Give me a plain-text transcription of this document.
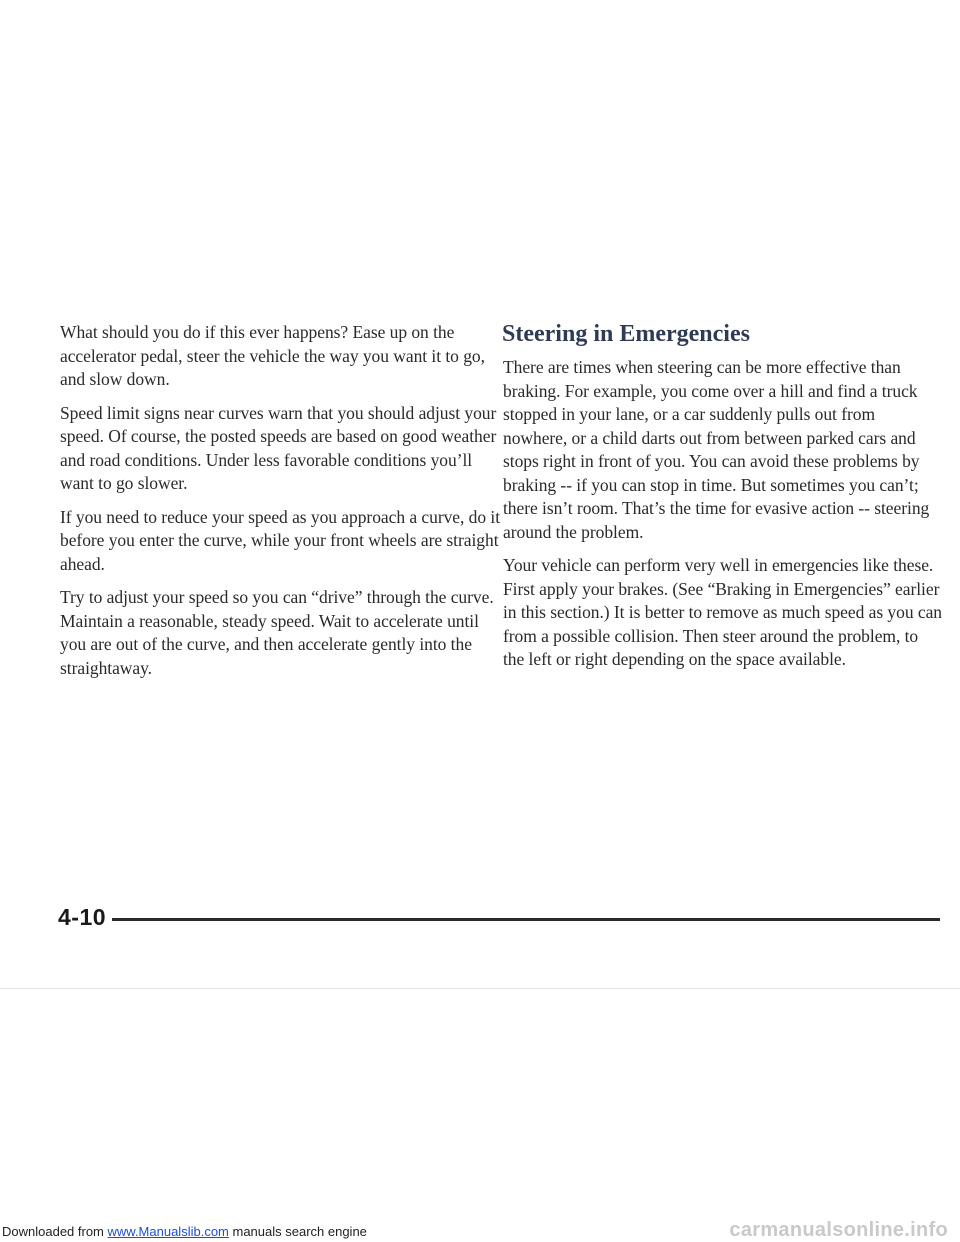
What should you do if this ever happens? Ease up on the accelerator pedal, steer the vehicle the way you want it to go, and slow down.

Speed limit signs near curves warn that you should adjust your speed. Of course, the posted speeds are based on good weather and road conditions. Under less favorable conditions you’ll want to go slower.

If you need to reduce your speed as you approach a curve, do it before you enter the curve, while your front wheels are straight ahead.

Try to adjust your speed so you can “drive” through the curve. Maintain a reasonable, steady speed. Wait to accelerate until you are out of the curve, and then accelerate gently into the straightaway.

Steering in Emergencies

There are times when steering can be more effective than braking. For example, you come over a hill and find a truck stopped in your lane, or a car suddenly pulls out from nowhere, or a child darts out from between parked cars and stops right in front of you. You can avoid these problems by braking -- if you can stop in time. But sometimes you can’t; there isn’t room. That’s the time for evasive action -- steering around the problem.

Your vehicle can perform very well in emergencies like these. First apply your brakes. (See “Braking in Emergencies” earlier in this section.) It is better to remove as much speed as you can from a possible collision. Then steer around the problem, to the left or right depending on the space available.

4-10
Downloaded from www.Manualslib.com manuals search engine	carmanualsonline.info
